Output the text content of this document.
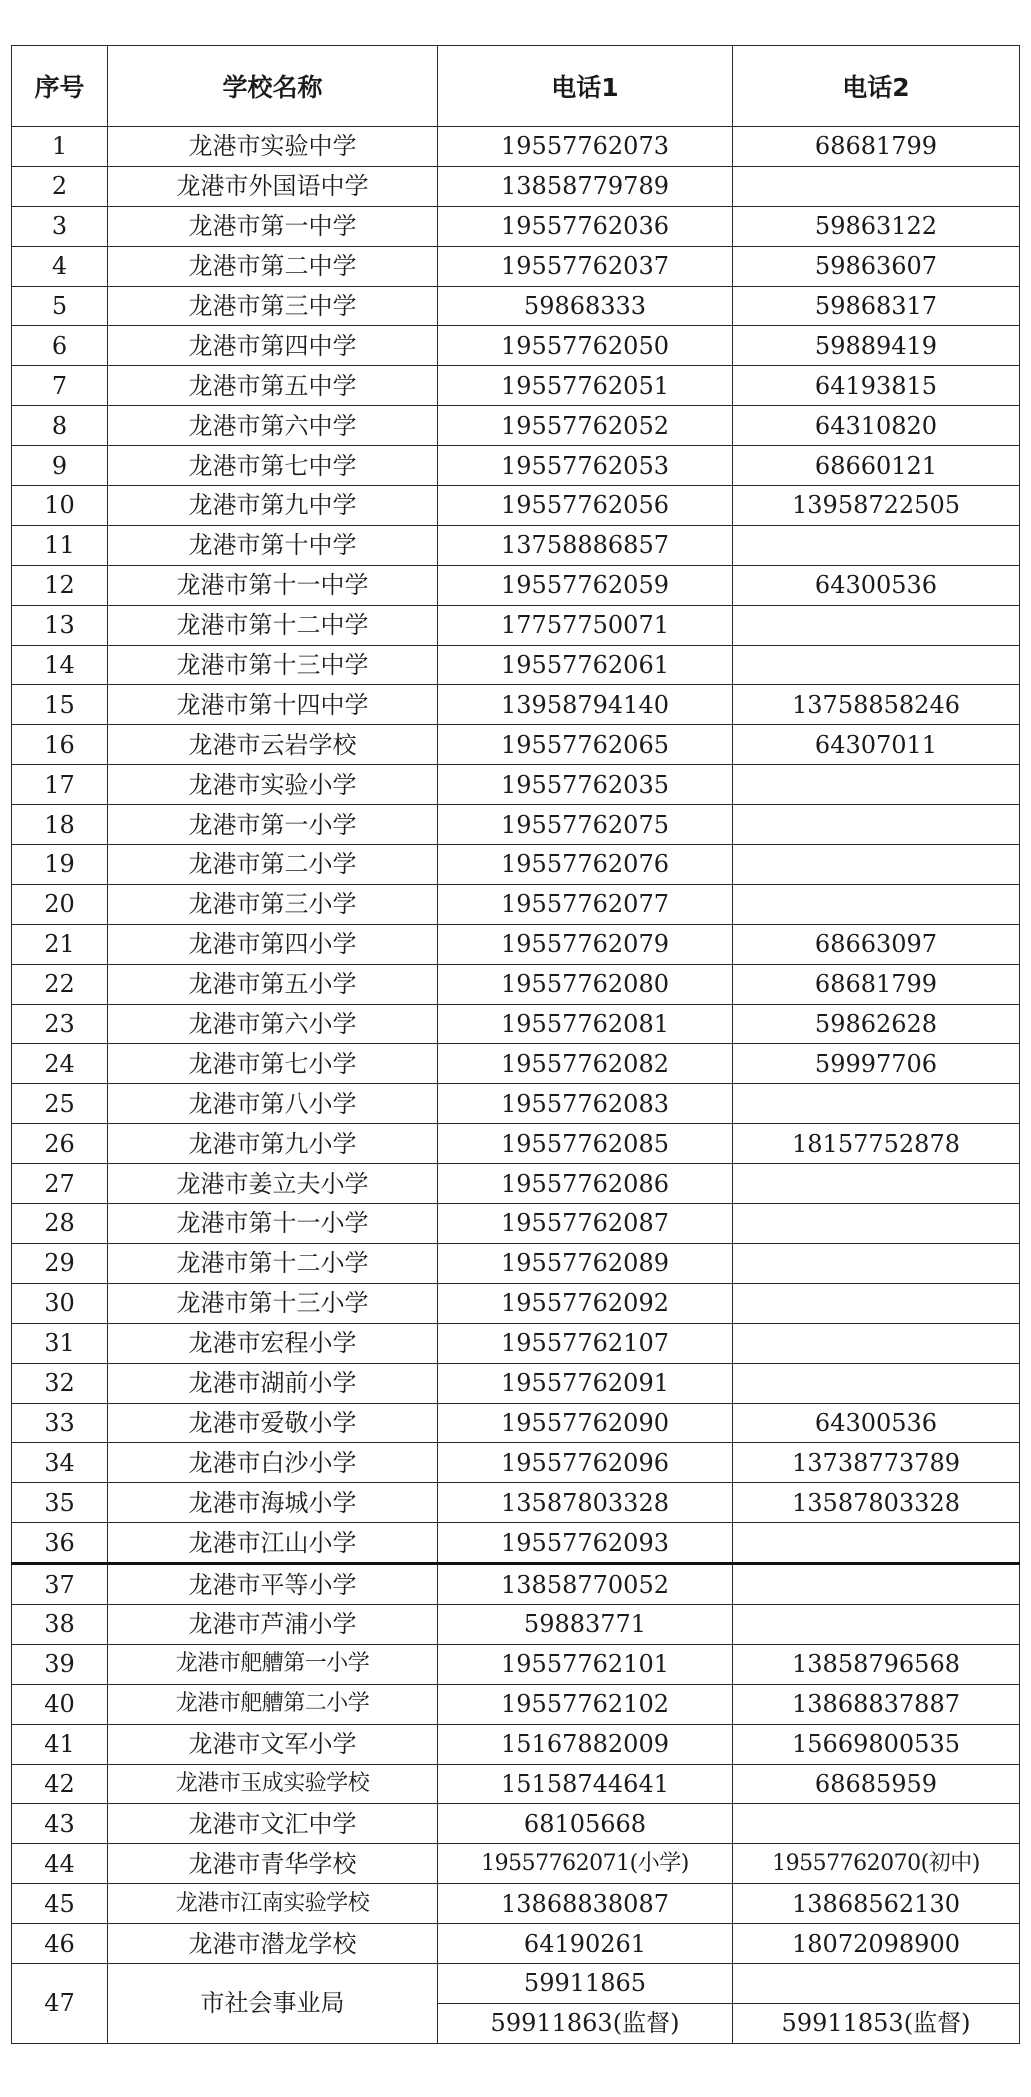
序号	学校名称	电话1	电话2
1	龙港市实验中学	19557762073	68681799
2	龙港市外国语中学	13858779789	
3	龙港市第一中学	19557762036	59863122
4	龙港市第二中学	19557762037	59863607
5	龙港市第三中学	59868333	59868317
6	龙港市第四中学	19557762050	59889419
7	龙港市第五中学	19557762051	64193815
8	龙港市第六中学	19557762052	64310820
9	龙港市第七中学	19557762053	68660121
10	龙港市第九中学	19557762056	13958722505
11	龙港市第十中学	13758886857	
12	龙港市第十一中学	19557762059	64300536
13	龙港市第十二中学	17757750071	
14	龙港市第十三中学	19557762061	
15	龙港市第十四中学	13958794140	13758858246
16	龙港市云岩学校	19557762065	64307011
17	龙港市实验小学	19557762035	
18	龙港市第一小学	19557762075	
19	龙港市第二小学	19557762076	
20	龙港市第三小学	19557762077	
21	龙港市第四小学	19557762079	68663097
22	龙港市第五小学	19557762080	68681799
23	龙港市第六小学	19557762081	59862628
24	龙港市第七小学	19557762082	59997706
25	龙港市第八小学	19557762083	
26	龙港市第九小学	19557762085	18157752878
27	龙港市姜立夫小学	19557762086	
28	龙港市第十一小学	19557762087	
29	龙港市第十二小学	19557762089	
30	龙港市第十三小学	19557762092	
31	龙港市宏程小学	19557762107	
32	龙港市湖前小学	19557762091	
33	龙港市爱敬小学	19557762090	64300536
34	龙港市白沙小学	19557762096	13738773789
35	龙港市海城小学	13587803328	13587803328
36	龙港市江山小学	19557762093	
37	龙港市平等小学	13858770052	
38	龙港市芦浦小学	59883771	
39	龙港市舥艚第一小学	19557762101	13858796568
40	龙港市舥艚第二小学	19557762102	13868837887
41	龙港市文军小学	15167882009	15669800535
42	龙港市玉成实验学校	15158744641	68685959
43	龙港市文汇中学	68105668	
44	龙港市青华学校	19557762071(小学)	19557762070(初中)
45	龙港市江南实验学校	13868838087	13868562130
46	龙港市潜龙学校	64190261	18072098900
47	市社会事业局	59911865	
		59911863(监督)	59911853(监督)
